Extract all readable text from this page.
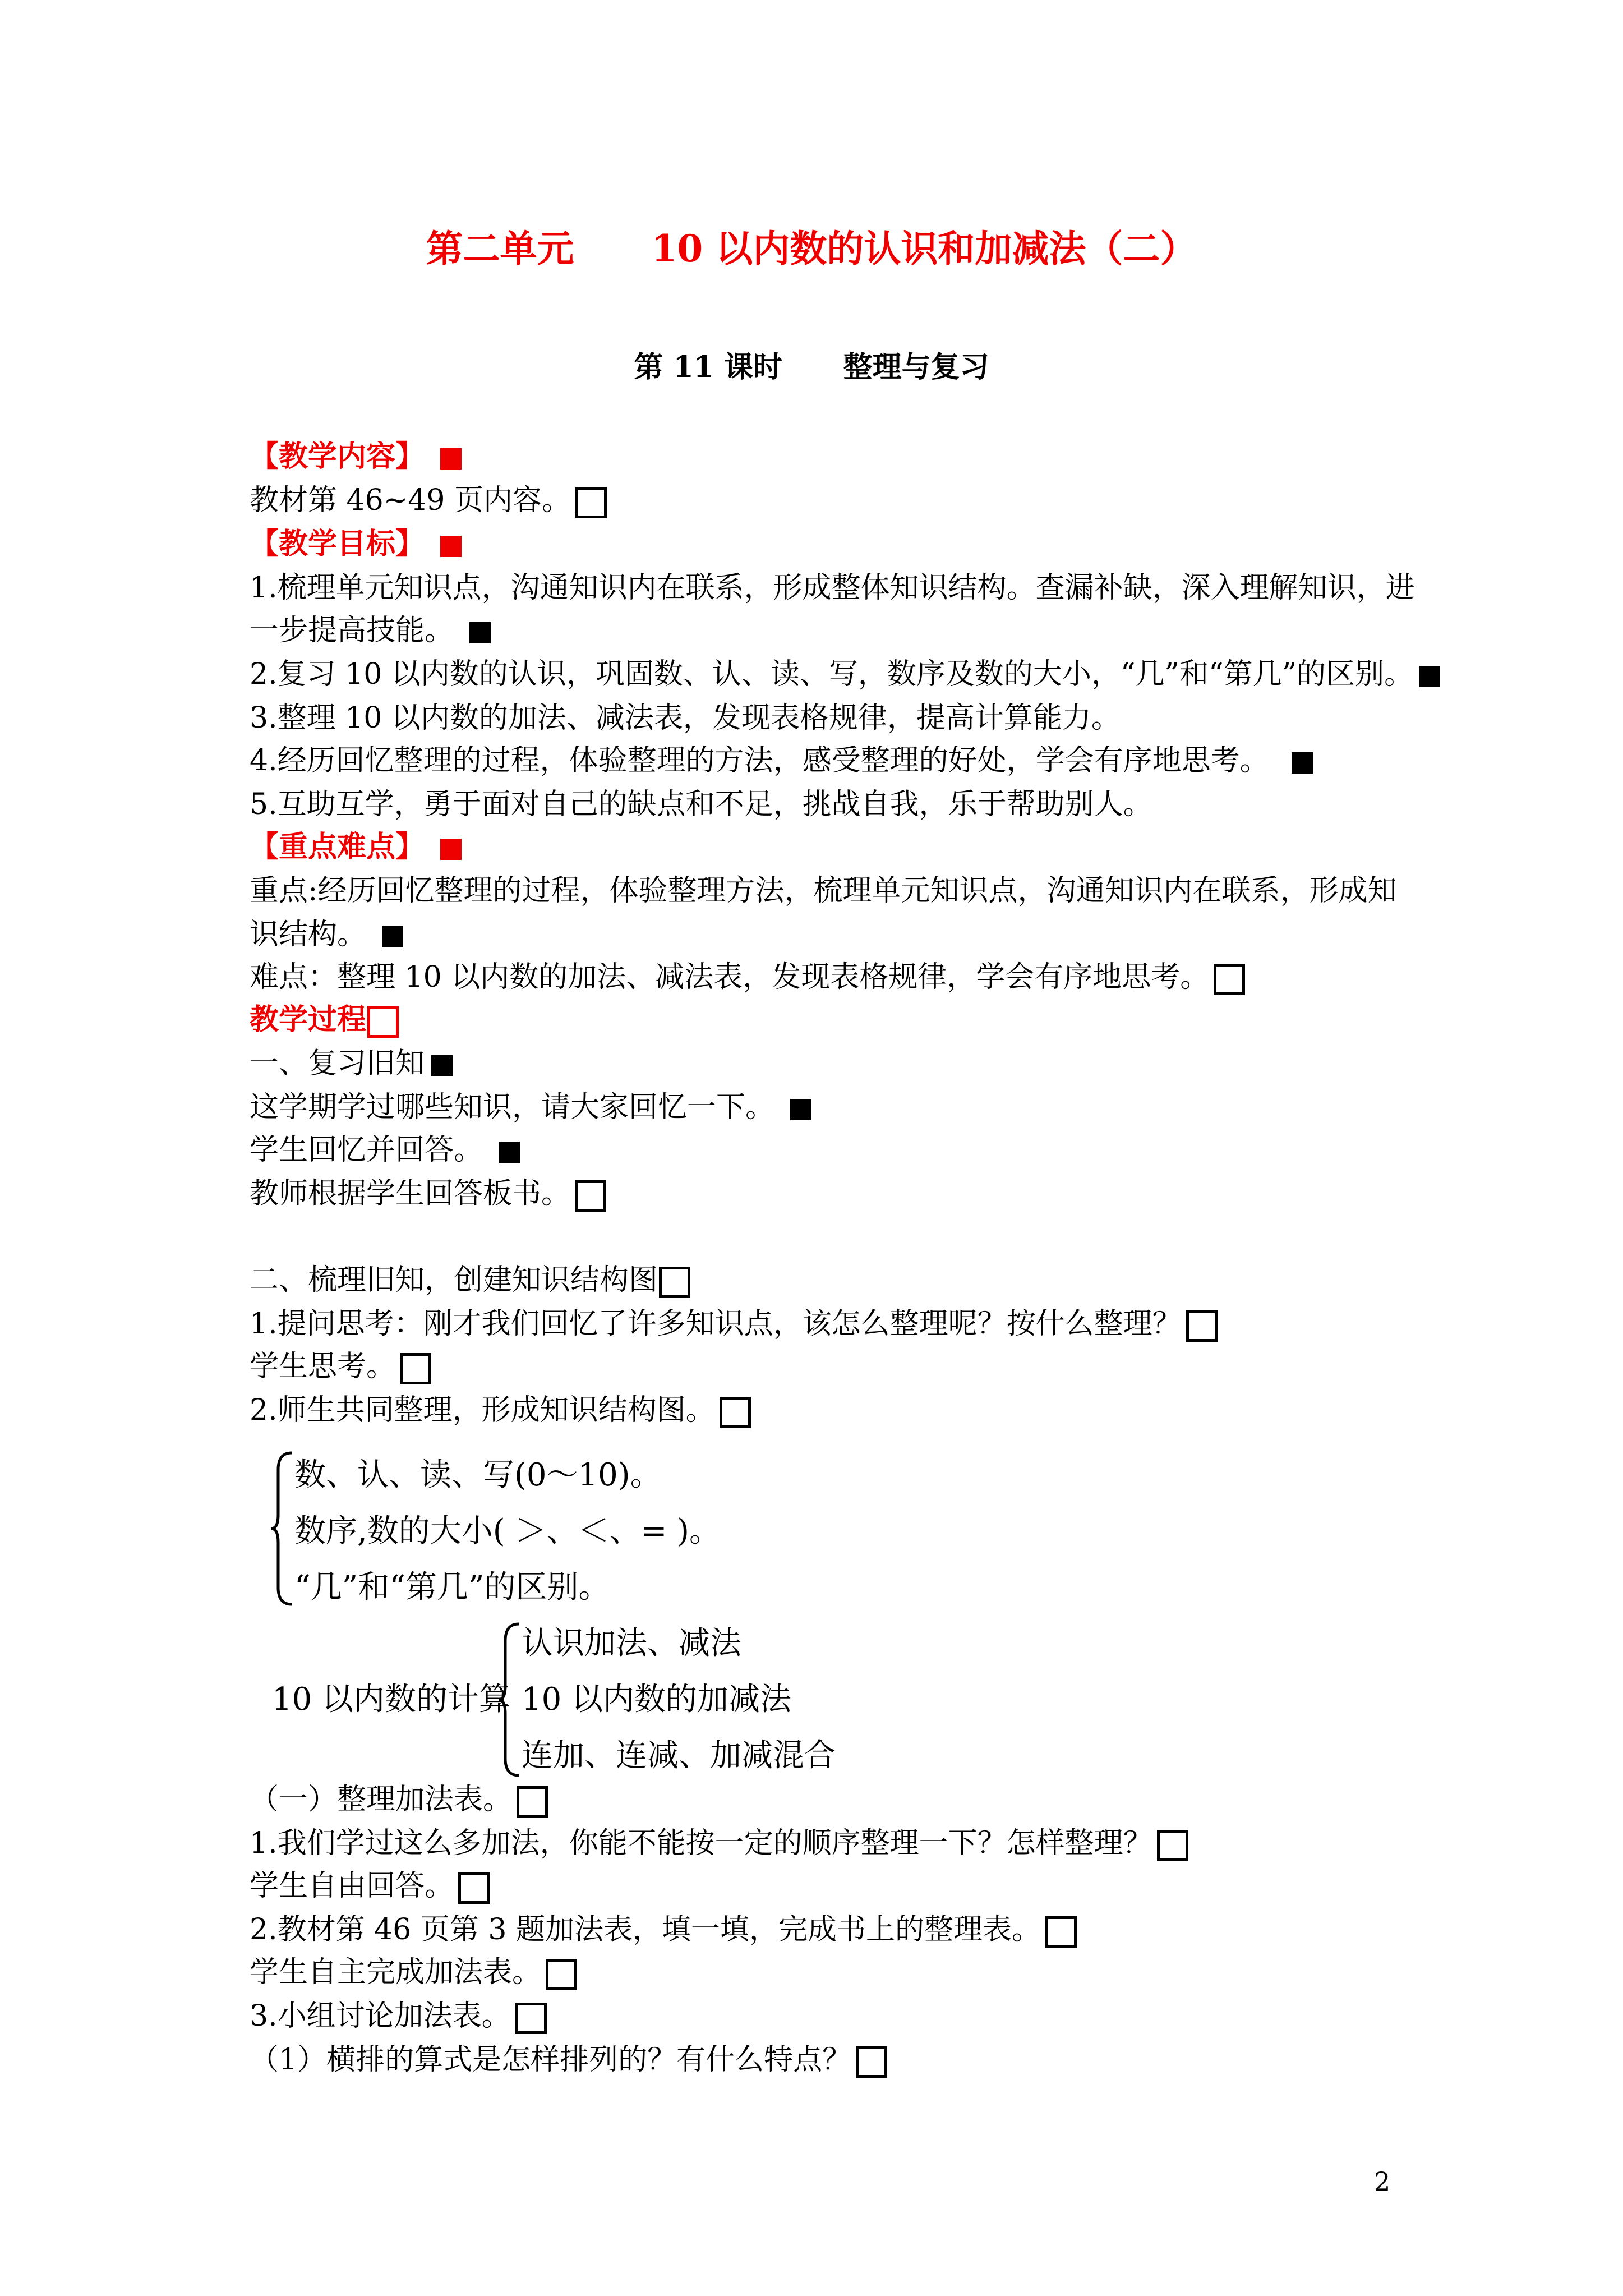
第二单元      10 以内数的认识和加减法（二）
第 11 课时      整理与复习
【教学内容】
教材第 46~49 页内容。
【教学目标】
1.梳理单元知识点，沟通知识内在联系，形成整体知识结构。查漏补缺，深入理解知识，进
一步提高技能。
2.复习 10 以内数的认识，巩固数、认、读、写，数序及数的大小，“几”和“第几”的区别。
3.整理 10 以内数的加法、减法表，发现表格规律，提高计算能力。
4.经历回忆整理的过程，体验整理的方法，感受整理的好处，学会有序地思考。
5.互助互学，勇于面对自己的缺点和不足，挑战自我，乐于帮助别人。
【重点难点】
重点:经历回忆整理的过程，体验整理方法，梳理单元知识点，沟通知识内在联系，形成知
识结构。
难点：整理 10 以内数的加法、减法表，发现表格规律，学会有序地思考。
教学过程
一、复习旧知
这学期学过哪些知识，请大家回忆一下。
学生回忆并回答。
教师根据学生回答板书。
二、梳理旧知，创建知识结构图
1.提问思考：刚才我们回忆了许多知识点，该怎么整理呢？按什么整理？
学生思考。
2.师生共同整理，形成知识结构图。
数、认、读、写(0～10)。
数序,数的大小( ＞、＜、= )。
“几”和“第几”的区别。
10 以内数的计算
认识加法、减法
10 以内数的加减法
连加、连减、加减混合
（一）整理加法表。
1.我们学过这么多加法，你能不能按一定的顺序整理一下？怎样整理？
学生自由回答。
2.教材第 46 页第 3 题加法表，填一填，完成书上的整理表。
学生自主完成加法表。
3.小组讨论加法表。
（1）横排的算式是怎样排列的？有什么特点？
2
